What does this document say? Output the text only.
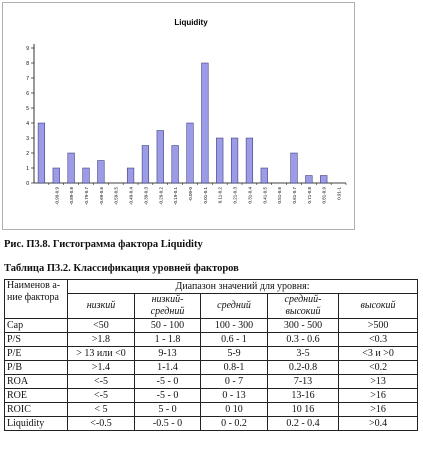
Liquidity
0
1
2
3
4
5
6
7
8
9
-0.99-0.9 -0.89-0.8 -0.79-0.7 -0.69-0.6 -0.59-0.5 -0.49-0.4 -0.39-0.3 -0.29-0.2 -0.19-0.1 -0.09-0 0.01-0.1 0.11-0.2 0.21-0.3 0.31-0.4 0.41-0.5 0.51-0.6 0.61-0.7 0.71-0.8 0.81-0.9 0.91-1
Рис. П3.8. Гистограмма фактора Liquidity
Таблица П3.2. Классификация уровней факторов
Наименов а-ние фактора	Диапазон значений для уровня:				
	низкий	низкий-средний	средний	средний-высокий	высокий
Cap	<50	50 - 100	100 - 300	300 - 500	>500
P/S	>1.8	1 - 1.8	0.6 - 1	0.3 - 0.6	<0.3
P/E	> 13 или <0	9-13	5-9	3-5	<3 и >0
P/B	>1.4	1-1.4	0.8-1	0.2-0.8	<0.2
ROA	<-5	-5 - 0	0 - 7	7-13	>13
ROE	<-5	-5 - 0	0 - 13	13-16	>16
ROIC	< 5	5 - 0	0 10	10 16	>16
Liquidity	<-0.5	-0.5 - 0	0 - 0.2	0.2 - 0.4	>0.4
